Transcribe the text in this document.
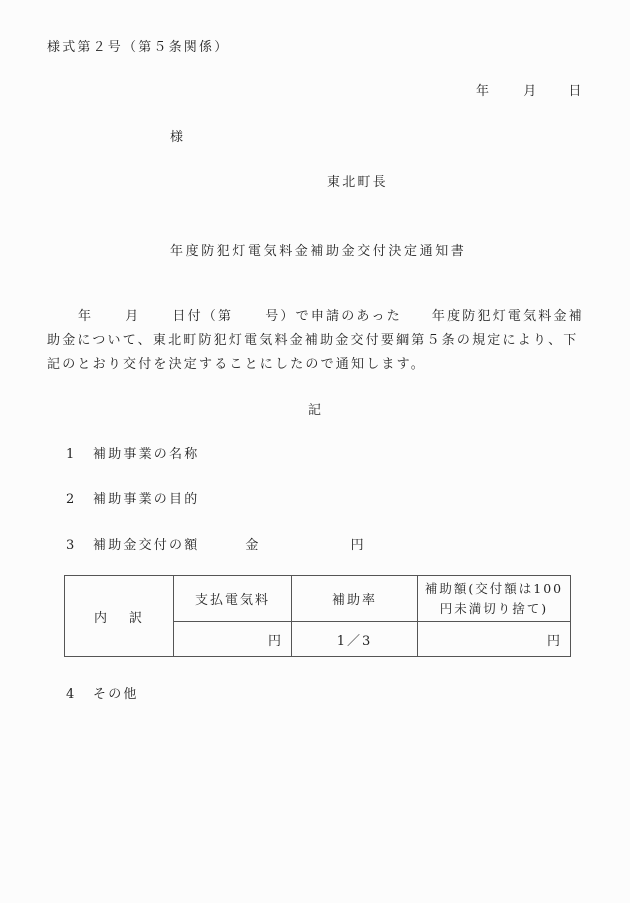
様式第２号（第５条関係）
年 月 日
様
東北町長
年度防犯灯電気料金補助金交付決定通知書
年 月 日付（第 号）で申請のあった 年度防犯灯電気料金補
助金について、東北町防犯灯電気料金補助金交付要綱第５条の規定により、下
記のとおり交付を決定することにしたので通知します。
記
1 補助事業の名称
2 補助事業の目的
3 補助金交付の額	金	円
内 訳	支払電気料	補助率	補助額(交付額は100
円未満切り捨て)

	円	1／3	円
4 その他
